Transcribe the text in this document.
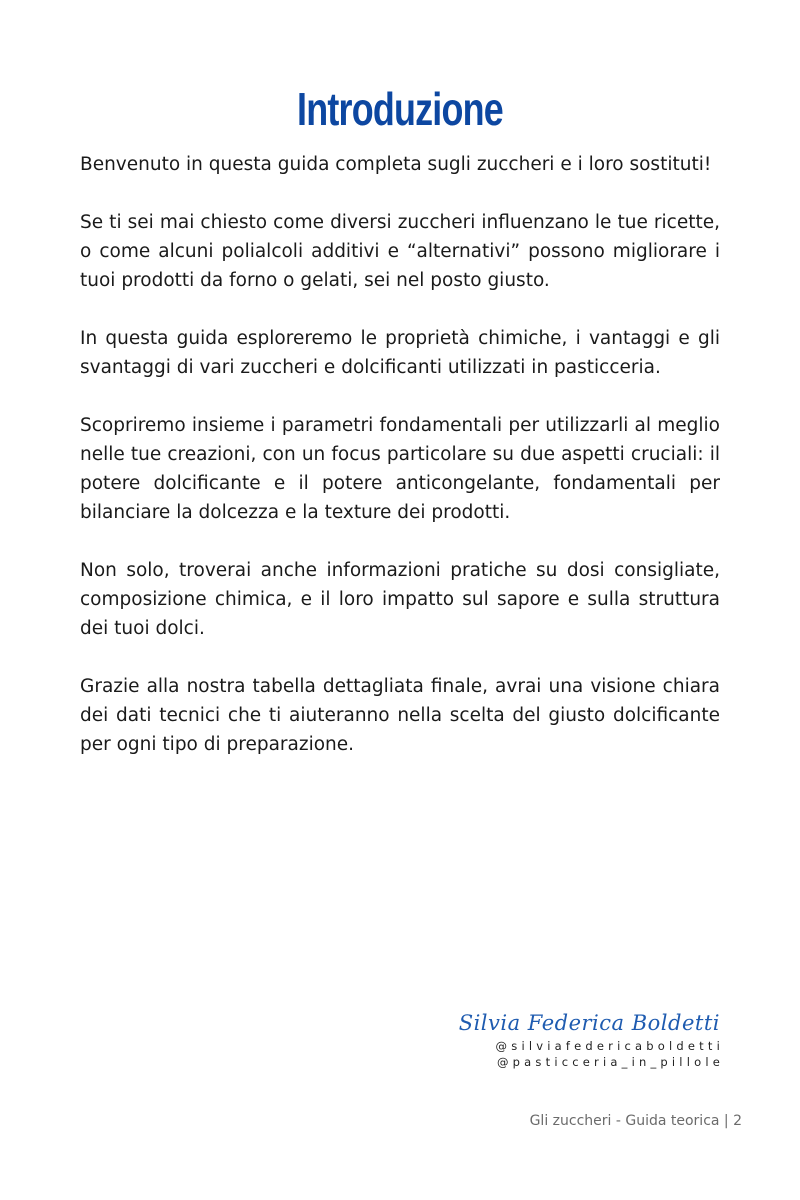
Introduzione

Benvenuto in questa guida completa sugli zuccheri e i loro sostituti!

Se ti sei mai chiesto come diversi zuccheri influenzano le tue ricette, o come alcuni polialcoli additivi e “alternativi” possono migliorare i tuoi prodotti da forno o gelati, sei nel posto giusto.

In questa guida esploreremo le proprietà chimiche, i vantaggi e gli svantaggi di vari zuccheri e dolcificanti utilizzati in pasticceria.

Scopriremo insieme i parametri fondamentali per utilizzarli al meglio nelle tue creazioni, con un focus particolare su due aspetti cruciali: il potere dolcificante e il potere anticongelante, fondamentali per bilanciare la dolcezza e la texture dei prodotti.

Non solo, troverai anche informazioni pratiche su dosi consigliate, composizione chimica, e il loro impatto sul sapore e sulla struttura dei tuoi dolci.

Grazie alla nostra tabella dettagliata finale, avrai una visione chiara dei dati tecnici che ti aiuteranno nella scelta del giusto dolcificante per ogni tipo di preparazione.

Silvia Federica Boldetti
@silviafedericaboldetti
@pasticceria_in_pillole
Gli zuccheri - Guida teorica | 2
